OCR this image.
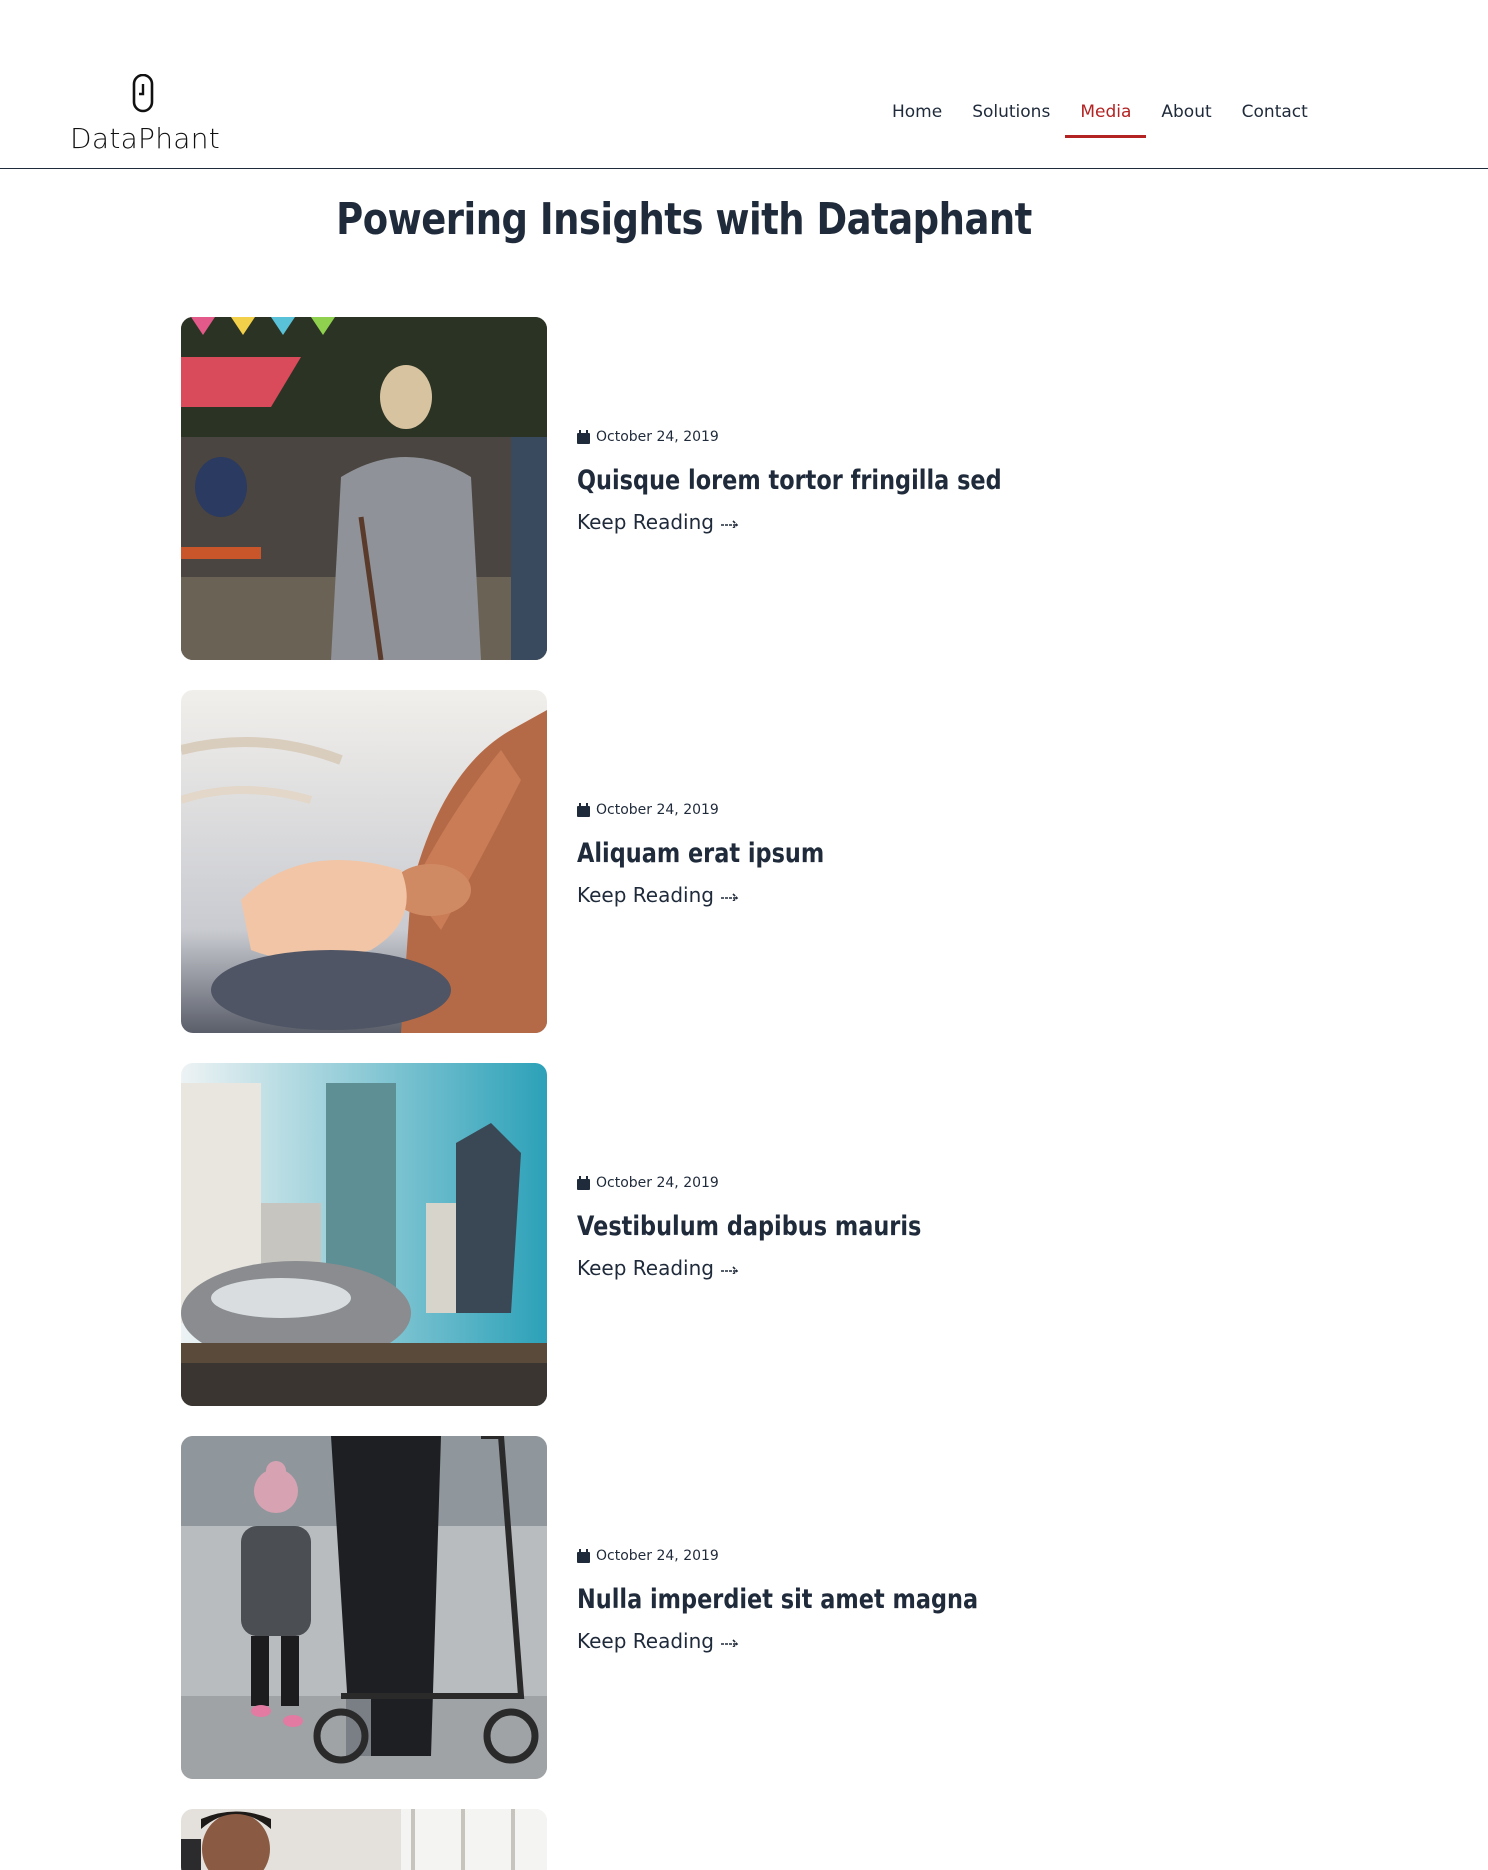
DataPhant
Home	Solutions	Media	About	Contact
Powering Insights with Dataphant
October 24, 2019
Quisque lorem tortor fringilla sed
Keep Reading
October 24, 2019
Aliquam erat ipsum
Keep Reading
October 24, 2019
Vestibulum dapibus mauris
Keep Reading
October 24, 2019
Nulla imperdiet sit amet magna
Keep Reading
